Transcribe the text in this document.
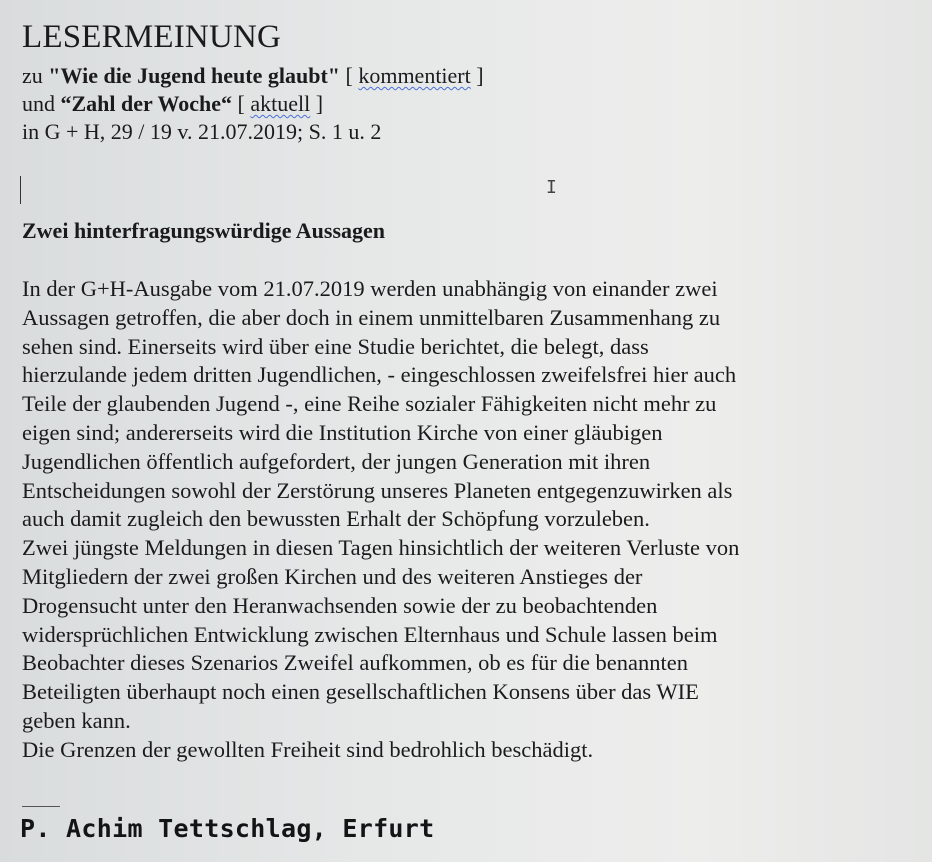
LESERMEINUNG
zu "Wie die Jugend heute glaubt" [ kommentiert ]
und “Zahl der Woche“ [ aktuell ]
in G + H, 29 / 19 v. 21.07.2019; S. 1 u. 2
I
Zwei hinterfragungswürdige Aussagen
In der G+H-Ausgabe vom 21.07.2019 werden unabhängig von einander zwei
Aussagen getroffen, die aber doch in einem unmittelbaren Zusammenhang zu
sehen sind. Einerseits wird über eine Studie berichtet, die belegt, dass
hierzulande jedem dritten Jugendlichen, - eingeschlossen zweifelsfrei hier auch
Teile der glaubenden Jugend -, eine Reihe sozialer Fähigkeiten nicht mehr zu
eigen sind; andererseits wird die Institution Kirche von einer gläubigen
Jugendlichen öffentlich aufgefordert, der jungen Generation mit ihren
Entscheidungen sowohl der Zerstörung unseres Planeten entgegenzuwirken als
auch damit zugleich den bewussten Erhalt der Schöpfung vorzuleben.
Zwei jüngste Meldungen in diesen Tagen hinsichtlich der weiteren Verluste von
Mitgliedern der zwei großen Kirchen und des weiteren Anstieges der
Drogensucht unter den Heranwachsenden sowie der zu beobachtenden
widersprüchlichen Entwicklung zwischen Elternhaus und Schule lassen beim
Beobachter dieses Szenarios Zweifel aufkommen, ob es für die benannten
Beteiligten überhaupt noch einen gesellschaftlichen Konsens über das WIE
geben kann.
Die Grenzen der gewollten Freiheit sind bedrohlich beschädigt.
P. Achim Tettschlag, Erfurt
